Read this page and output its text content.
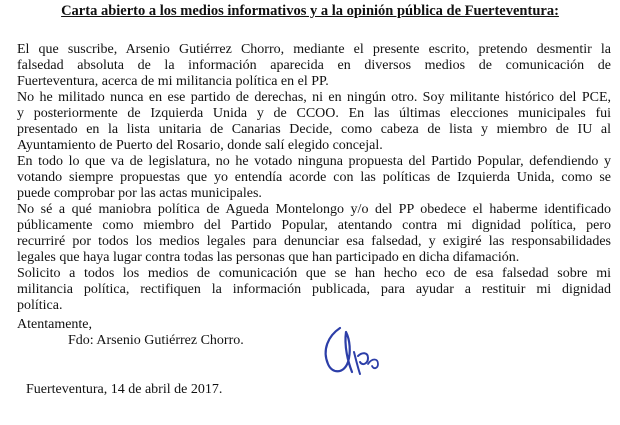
Carta abierto a los medios informativos y a la opinión pública de Fuerteventura:
El que suscribe, Arsenio Gutiérrez Chorro, mediante el presente escrito, pretendo desmentir la
falsedad absoluta de la información aparecida en diversos medios de comunicación de
Fuerteventura, acerca de mi militancia política en el PP.
No he militado nunca en ese partido de derechas, ni en ningún otro. Soy militante histórico del PCE,
y posteriormente de Izquierda Unida y de CCOO. En las últimas elecciones municipales fui
presentado en la lista unitaria de Canarias Decide, como cabeza de lista y miembro de IU al
Ayuntamiento de Puerto del Rosario, donde salí elegido concejal.
En todo lo que va de legislatura, no he votado ninguna propuesta del Partido Popular, defendiendo y
votando siempre propuestas que yo entendía acorde con las políticas de Izquierda Unida, como se
puede comprobar por las actas municipales.
No sé a qué maniobra política de Agueda Montelongo y/o del PP obedece el haberme identificado
públicamente como miembro del Partido Popular, atentando contra mi dignidad política, pero
recurriré por todos los medios legales para denunciar esa falsedad, y exigiré las responsabilidades
legales que haya lugar contra todas las personas que han participado en dicha difamación.
Solicito a todos los medios de comunicación que se han hecho eco de esa falsedad sobre mi
militancia política, rectifiquen la información publicada, para ayudar a restituir mi dignidad
política.
Atentamente,
Fdo: Arsenio Gutiérrez Chorro.
Fuerteventura, 14 de abril de 2017.
